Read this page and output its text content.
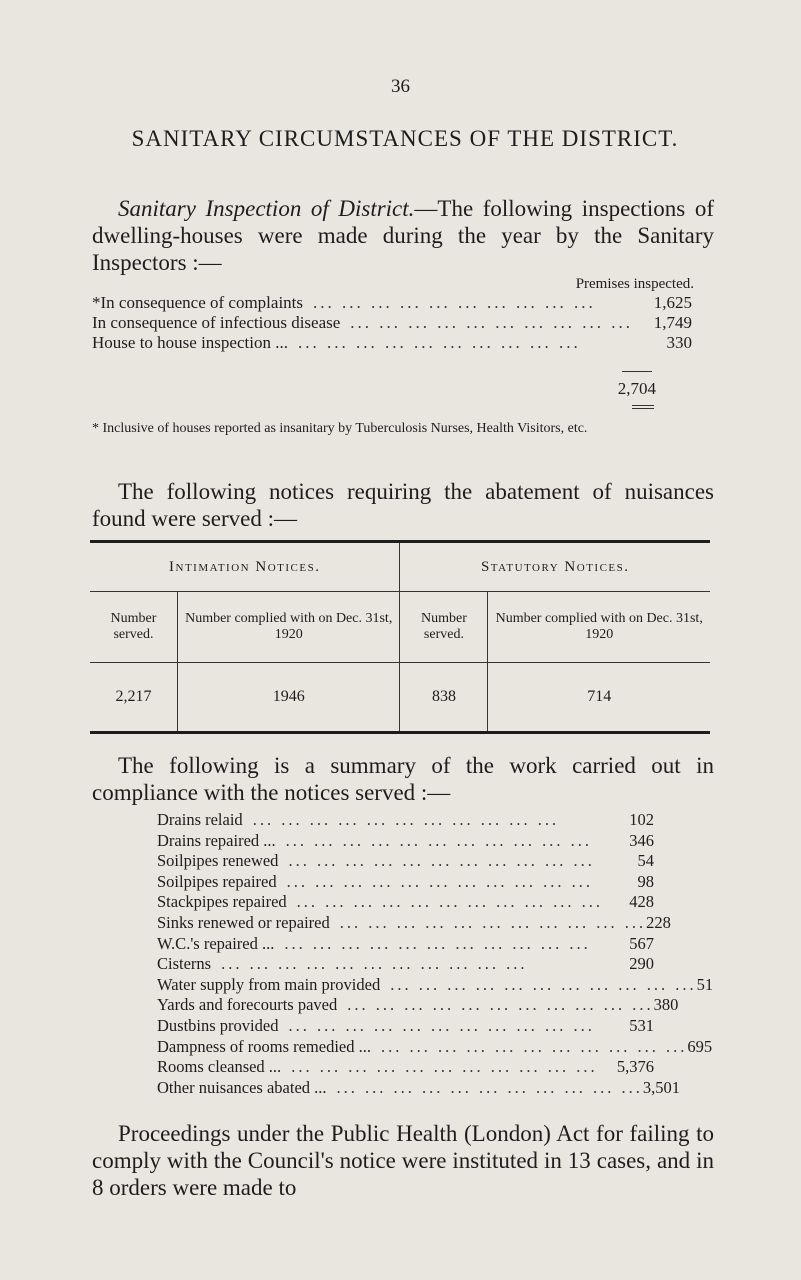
36
SANITARY CIRCUMSTANCES OF THE DISTRICT.
Sanitary Inspection of District.—The following inspections of dwelling-houses were made during the year by the Sanitary Inspectors :—
Premises inspected.
*In consequence of complaints ... ... ... ... ... ... ... ... ... ...	1,625
In consequence of infectious disease ... ... ... ... ... ... ... ... ... ...	1,749
House to house inspection ... ... ... ... ... ... ... ... ... ... ...	330
2,704
* Inclusive of houses reported as insanitary by Tuberculosis Nurses, Health Visitors, etc.
The following notices requiring the abatement of nuisances found were served :—
Intimation Notices.		Statutory Notices.	
Number served.	Number complied with on Dec. 31st, 1920	Number served.	Number complied with on Dec. 31st, 1920
2,217	1946	838	714
The following is a summary of the work carried out in compliance with the notices served :—
Drains relaid ... ... ... ... ... ... ... ... ... ... ...	102
Drains repaired ... ... ... ... ... ... ... ... ... ... ... ...	346
Soilpipes renewed ... ... ... ... ... ... ... ... ... ... ...	54
Soilpipes repaired ... ... ... ... ... ... ... ... ... ... ...	98
Stackpipes repaired ... ... ... ... ... ... ... ... ... ... ...	428
Sinks renewed or repaired ... ... ... ... ... ... ... ... ... ... ... 228
W.C.'s repaired ... ... ... ... ... ... ... ... ... ... ... ...	567
Cisterns ... ... ... ... ... ... ... ... ... ... ...	290
Water supply from main provided ... ... ... ... ... ... ... ... ... ... ... 51
Yards and forecourts paved ... ... ... ... ... ... ... ... ... ... ... 380
Dustbins provided ... ... ... ... ... ... ... ... ... ... ...	531
Dampness of rooms remedied ... ... ... ... ... ... ... ... ... ... ... ... 695
Rooms cleansed ... ... ... ... ... ... ... ... ... ... ... ...	5,376
Other nuisances abated ... ... ... ... ... ... ... ... ... ... ... ... 3,501
Proceedings under the Public Health (London) Act for failing to comply with the Council's notice were instituted in 13 cases, and in 8 orders were made to
